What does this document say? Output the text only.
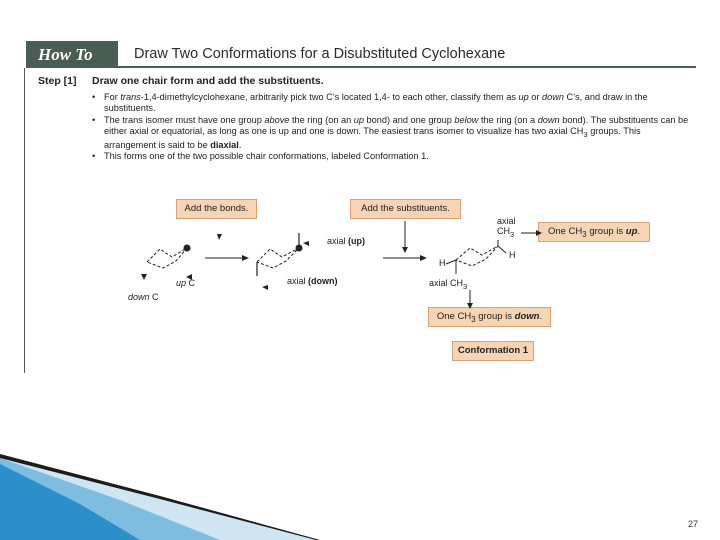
How To	Draw Two Conformations for a Disubstituted Cyclohexane
Step [1] Draw one chair form and add the substituents.
• For trans-1,4-dimethylcyclohexane, arbitrarily pick two C’s located 1,4- to each other, classify them as up or down C’s, and draw in the substituents.
• The trans isomer must have one group above the ring (on an up bond) and one group below the ring (on a down bond). The substituents can be either axial or equatorial, as long as one is up and one is down. The easiest trans isomer to visualize has two axial $CH_3$ groups. This arrangement is said to be diaxial.
• This forms one of the two possible chair conformations, labeled Conformation 1.
Add the bonds.	Add the substituents.
One $CH_3$ group is up.
One $CH_3$ group is down.
Conformation 1
up C
down C
axial (up)
axial (down)
axial
$CH_3$
axial $CH_3$
H
H
27
